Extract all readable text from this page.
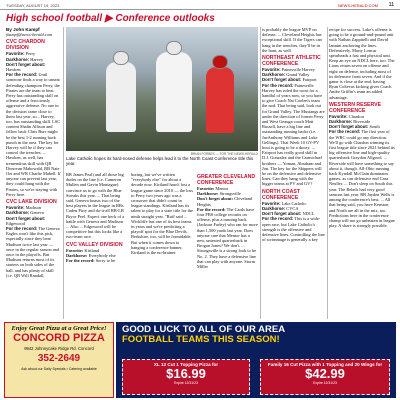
TUESDAY, AUGUST 19, 2023	NEWS-HERALD.COM 11
High school football ▶ Conference outlooks
By John Kampf
jkampf@news-herald.com
CVC CHARDON DIVISION

Favorite: Perry

Darkhorse: Harvey

Don't forget about: Hawken

For the record: Until someone finds a way to unseat defending champion Perry, the Pirates are the team to beat. Perry has outstanding skill on offense and a ferociously aggressive defense. No one in the division came close to them last year, so... Harvey, too, has outstanding skill. LSC content Shalin Allison and fellow back Chris Burr might be the best 1-2 running back punch in the area. The key for Harvey will be if they can control the trenches. ... Hawken, as well, has tremendous skill with QB Donovan Mahowald, RB Nate Ozi and WR Charlie Mabell. If anyone can prevent last year, they could hang with the Pirates, so we're staying with Perry here.

CVC LAKE DIVISION

Favorite: Madison

Darkhorse: Geneva

Don't forget about: Edgewood

For the record: The Geneva Eagles won't like this pick, especially since they beat Madison twice last year — once in the regular season and once in the playoffs. But Madison returns most of its starters on both sides of the ball, and has plenty of skill (i.e. QB Will Randall,

BRIAN FORBES — FOR THE NEWS-HERALD
Lake Catholic hopes its hard-nosed defense helps lead it to the North Coast Conference title this year.

RB James Peal) and all those big dudes on the line (i.e. Cameron Mullen and Gavin Montague) convince us to go with the Blue Streaks this year. ... That being said, Geneva boasts two of the best players in the league in RBs Caden Pirry and do-it-all RB-LB Bryce Peel. Expect one heck of a battle with Geneva and Madison ... Also ... Edgewood will be competitive but this looks like a two-team race.

CVC VALLEY DIVISION

Favorite: Kirtland

Darkhorse: Everybody else

For the record: Sorry to be

boring, but we've written "everybody else" for about a decade now. Kirtland hasn't lost a league game since 2010 — the loss to Perry two years ago was a crossover that didn't count in league standings. Kirtland has its talent to play for a state title for the ninth straight year. "Ruff said ... Wickliffe has one of its best teams in years and we're predicting a playoff spot for the Blue Devils. Berkshire, too, will be formidable. But when it comes down to hanging a conference banner, Kirtland is the no-brainer.

GREATER CLEVELAND CONFERENCE

Favorite: Mentor

Darkhorse: Strongsville

Don't forget about: Cleveland Heights

For the record: The Cards have four FBS college recruits on offense, plus a running back (Jackson Farley) who ran for more than 1,500 yards last year. Does anyone care that Mentor has a new, untested quarterback in Brogan Jones? We don't. ... Strongsville is a strong look to be No. 2. They have a defensive line that can play with anyone. Storm Miller

is probably the league MVP on defense. ... Cleveland Heights has exceptional skill. If the Tigers can hang in the trenches, they'll be in the hunt, as well.

NORTHEAST ATHLETIC CONFERENCE

Favorite: Painesville Harvey

Darkhorse: Grand Valley

Don't forget about: Fairport

For the record: Painesville Harvey has ruled the roost for a handful of years now, so you have to give Coach Nat Coolen's team the nod. That being said, look out for Grand Valley. The Mustangs are under the direction of former Perry and West Geauga coach Matt Russell, have a big line and outstanding running backs (i.e. JaeAnthony Williams and Luke Gellings). That Week 10 GV-PV bout is going to be a doozy. ... Fairport has really good skill in D.J. Gonzalez and the Carmichael brothers — Yoman, Abraham and Jon. The key for the Skippers will be on the defensive and defensive lines. Can they hang with the bigger teams at PV and GV?

NORTH COAST CONFERENCE

Favorite: Lake Catholic

Darkhorse: CVCA

Don't forget about: NDCL

For the record: This is a wide-open race, but Lake Catholic's strength is the offensive and defensive lines. Controlling the line of scrimmage is generally a key

recipe for success. Lake's offense is going to be a ground-and-pound unit with Nathan Zappitelli and David Iannini anchoring the lines. Defensively, Marty Loncar spearheads a fast and physical unit. Keep an eye on NDCL here, too. The Lions return seven on offense and eight on defense, including most of its defensive front seven. And if the game is close at the end, having Ryan Coltevas kicking gives Coach Andre Griffin's team an added advantage.

WESTERN RESERVE CONFERENCE

Favorite: Chardon

Darkhorse: Riverside

Don't forget about: South

For the record: The first year of the WRC could go any direction. We'll go with Chardon winning its first league title since 2021 behind its big offensive line and high-quality quarterback Graydon Allgood. ... Riverside will have something to say about it, though. All-Ohio running back Kyndall McClain dominates games, as can defensive end Casa Neuller. ... Don't sleep on South this year. The Rebels had very good seasons last year. RB Jayden Wells is among the conference's best. ... All that being said, you have Kenston and North are all in the mix, too. Predictions here in the conference champ will not go unbeaten in league play. A share is strongly possible.

Enjoy Great Pizza at a Great Price!
CONCORD PIZZA
9942 Johnnycake Ridge Rd. Concord
352-2649
Ask about our Daily Specials • Catering available
GOOD LUCK TO ALL OF OUR AREA
FOOTBALL TEAMS THIS SEASON!
XL 12 Cut 1 Topping Pizza for
$16.99
Expire 12/31/23
Family 16 Cut Pizza with 1 Topping and 20 Wings for
$42.99
Expire 12/31/23
